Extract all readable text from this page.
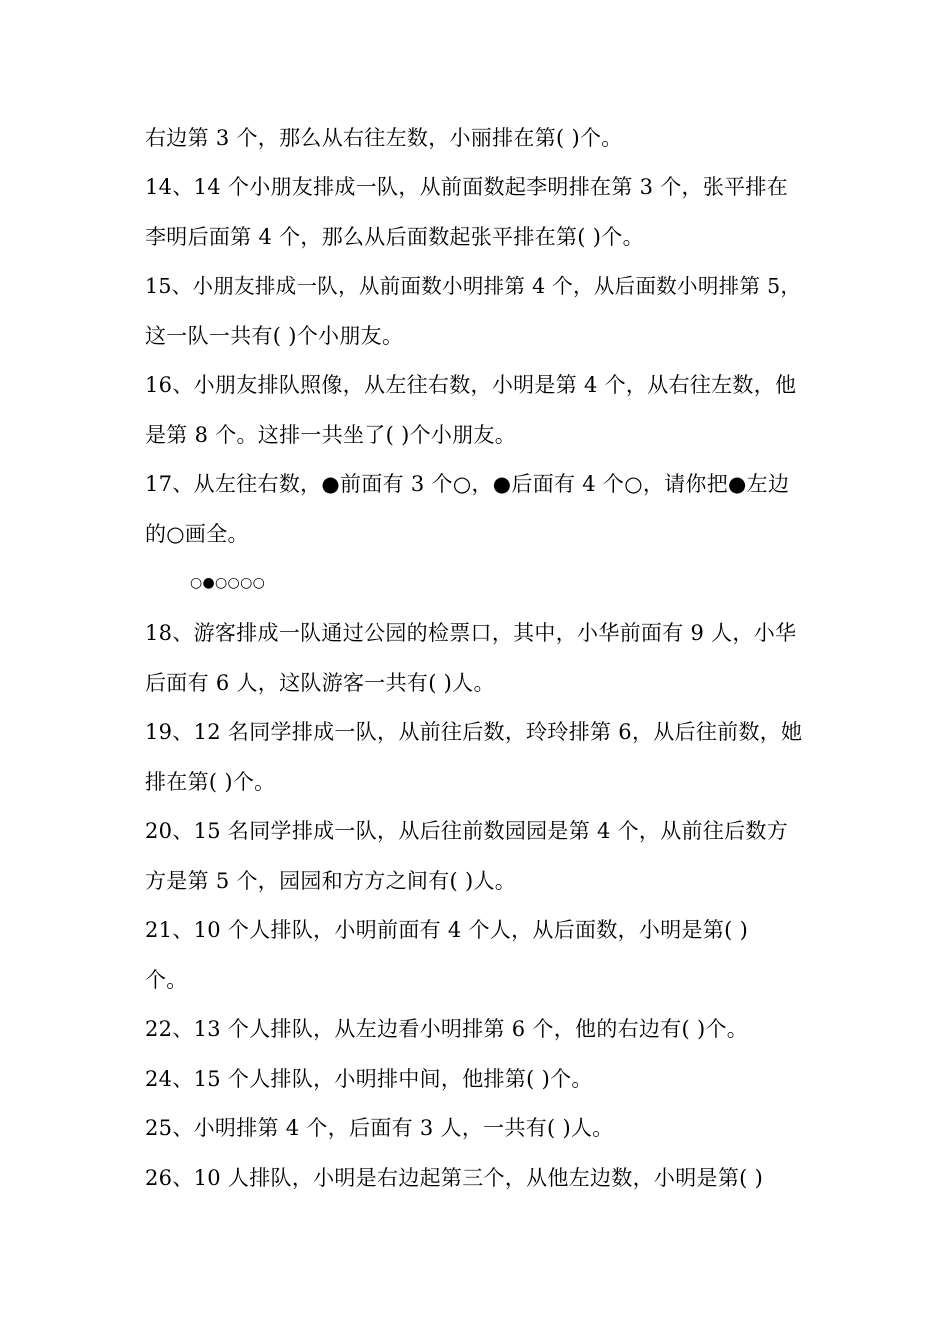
右边第 3 个，那么从右往左数，小丽排在第( )个。
14、14 个小朋友排成一队，从前面数起李明排在第 3 个，张平排在
李明后面第 4 个，那么从后面数起张平排在第( )个。
15、小朋友排成一队，从前面数小明排第 4 个，从后面数小明排第 5，
这一队一共有( )个小朋友。
16、小朋友排队照像，从左往右数，小明是第 4 个，从右往左数，他
是第 8 个。这排一共坐了( )个小朋友。
17、从左往右数，●前面有 3 个○，●后面有 4 个○，请你把●左边
的○画全。
○●○○○○
18、游客排成一队通过公园的检票口，其中，小华前面有 9 人，小华
后面有 6 人，这队游客一共有( )人。
19、12 名同学排成一队，从前往后数，玲玲排第 6，从后往前数，她
排在第( )个。
20、15 名同学排成一队，从后往前数园园是第 4 个，从前往后数方
方是第 5 个，园园和方方之间有( )人。
21、10 个人排队，小明前面有 4 个人，从后面数，小明是第( )
个。
22、13 个人排队，从左边看小明排第 6 个，他的右边有( )个。
24、15 个人排队，小明排中间，他排第( )个。
25、小明排第 4 个，后面有 3 人，一共有( )人。
26、10 人排队，小明是右边起第三个，从他左边数，小明是第( )
